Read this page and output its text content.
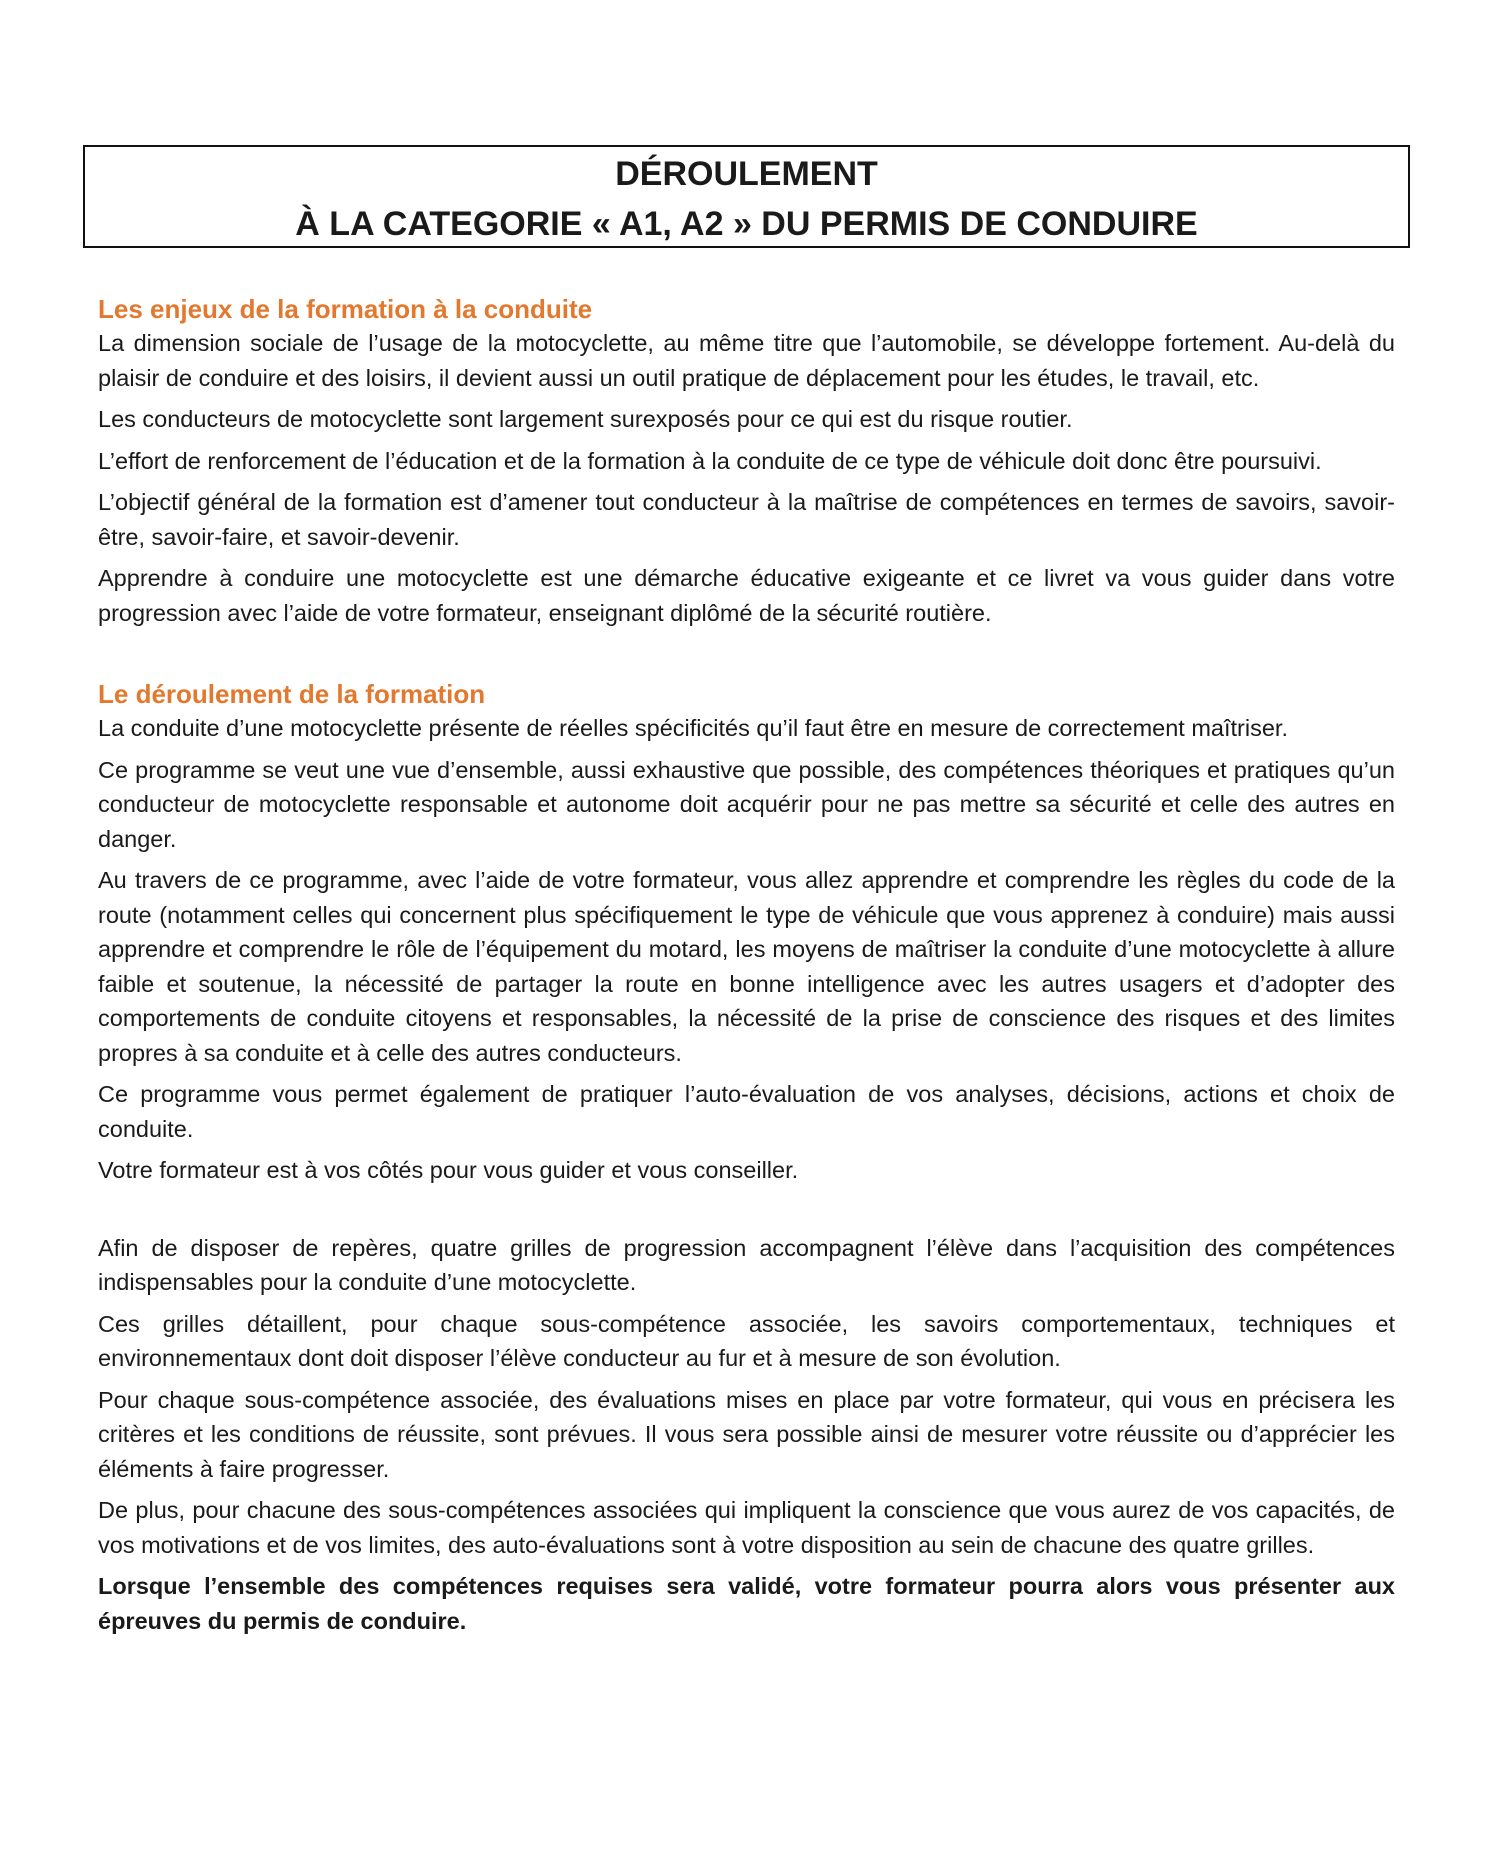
DÉROULEMENT
À LA CATEGORIE « A1, A2 » DU PERMIS DE CONDUIRE
Les enjeux de la formation à la conduite

La dimension sociale de l’usage de la motocyclette, au même titre que l’automobile, se développe fortement. Au-delà du plaisir de conduire et des loisirs, il devient aussi un outil pratique de déplacement pour les études, le travail, etc.

Les conducteurs de motocyclette sont largement surexposés pour ce qui est du risque routier.

L’effort de renforcement de l’éducation et de la formation à la conduite de ce type de véhicule doit donc être poursuivi.

L’objectif général de la formation est d’amener tout conducteur à la maîtrise de compétences en termes de savoirs, savoir-être, savoir-faire, et savoir-devenir.

Apprendre à conduire une motocyclette est une démarche éducative exigeante et ce livret va vous guider dans votre progression avec l’aide de votre formateur, enseignant diplômé de la sécurité routière.

Le déroulement de la formation

La conduite d’une motocyclette présente de réelles spécificités qu’il faut être en mesure de correctement maîtriser.

Ce programme se veut une vue d’ensemble, aussi exhaustive que possible, des compétences théoriques et pratiques qu’un conducteur de motocyclette responsable et autonome doit acquérir pour ne pas mettre sa sécurité et celle des autres en danger.

Au travers de ce programme, avec l’aide de votre formateur, vous allez apprendre et comprendre les règles du code de la route (notamment celles qui concernent plus spécifiquement le type de véhicule que vous apprenez à conduire) mais aussi apprendre et comprendre le rôle de l’équipement du motard, les moyens de maîtriser la conduite d’une motocyclette à allure faible et soutenue, la nécessité de partager la route en bonne intelligence avec les autres usagers et d’adopter des comportements de conduite citoyens et responsables, la nécessité de la prise de conscience des risques et des limites propres à sa conduite et à celle des autres conducteurs.

Ce programme vous permet également de pratiquer l’auto-évaluation de vos analyses, décisions, actions et choix de conduite.

Votre formateur est à vos côtés pour vous guider et vous conseiller.

Afin de disposer de repères, quatre grilles de progression accompagnent l’élève dans l’acquisition des compétences indispensables pour la conduite d’une motocyclette.

Ces grilles détaillent, pour chaque sous-compétence associée, les savoirs comportementaux, techniques et environnementaux dont doit disposer l’élève conducteur au fur et à mesure de son évolution.

Pour chaque sous-compétence associée, des évaluations mises en place par votre formateur, qui vous en précisera les critères et les conditions de réussite, sont prévues. Il vous sera possible ainsi de mesurer votre réussite ou d’apprécier les éléments à faire progresser.

De plus, pour chacune des sous-compétences associées qui impliquent la conscience que vous aurez de vos capacités, de vos motivations et de vos limites, des auto-évaluations sont à votre disposition au sein de chacune des quatre grilles.

Lorsque l’ensemble des compétences requises sera validé, votre formateur pourra alors vous présenter aux épreuves du permis de conduire.
